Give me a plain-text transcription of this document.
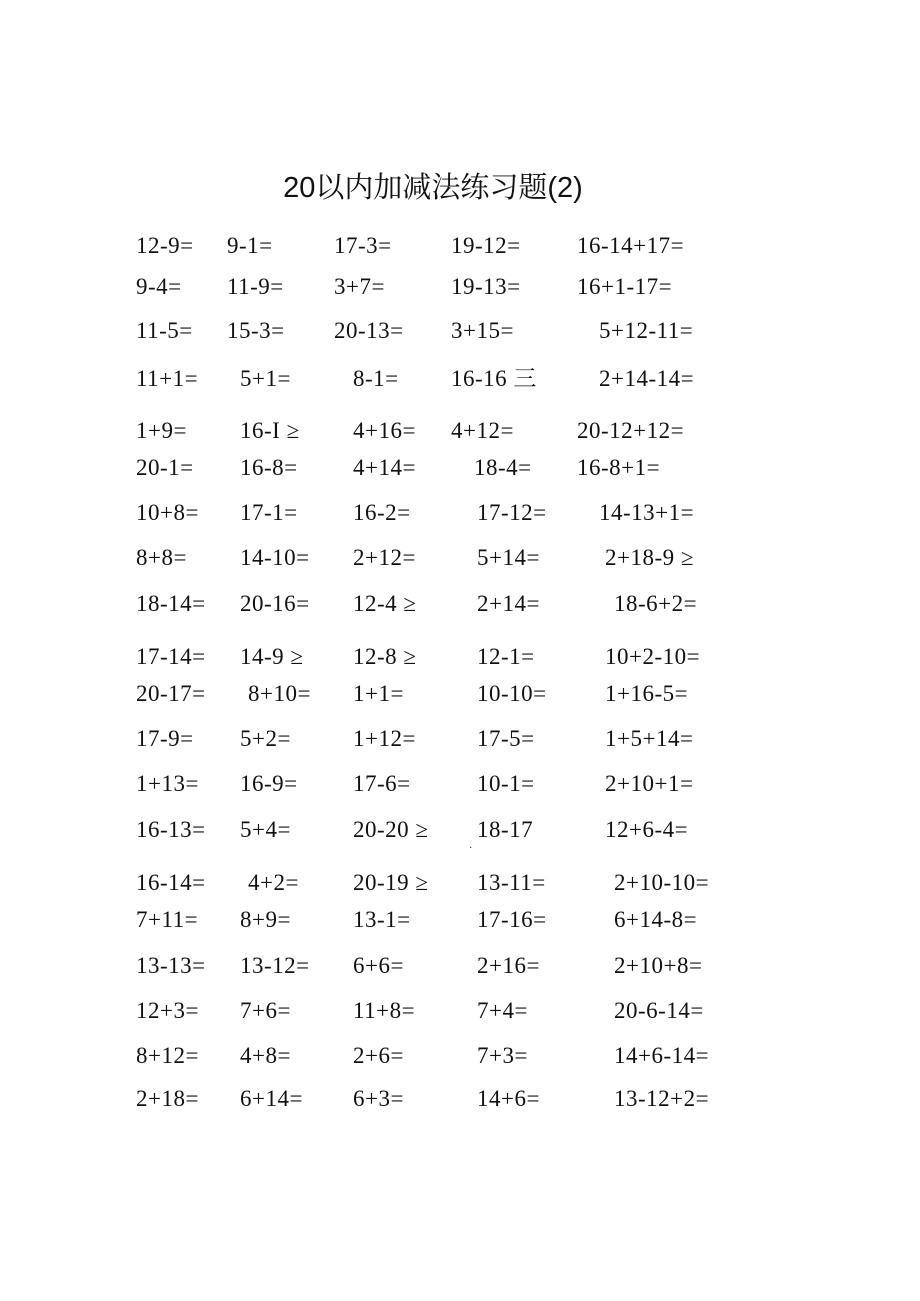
20以内加减法练习题(2)
12-9= 9-1=	17-3=	19-12= 16-14+17=
9-4= 11-9= 3+7=	19-13= 16+1-17=
11-5= 15-3= 20-13= 3+15=	5+12-11=
11+1= 5+1=	8-1= 16-16 三	2+14-14=
1+9= 16-I ≥ 4+16= 4+12=	20-12+12=
20-1= 16-8= 4+14=	18-4= 16-8+1=
10+8= 17-1= 16-2=	17-12= 14-13+1=
8+8= 14-10= 2+12=	5+14=	2+18-9 ≥
18-14= 20-16= 12-4 ≥	2+14=	18-6+2=
17-14= 14-9 ≥ 12-8 ≥	12-1=	10+2-10=
20-17= 8+10= 1+1=	10-10=	1+16-5=
17-9= 5+2=	1+12=	17-5=	1+5+14=
1+13= 16-9= 17-6=	10-1=	2+10+1=
16-13= 5+4=	20-20 ≥ 18-17	12+6-4=
16-14= 4+2= 20-19 ≥ 13-11=	2+10-10=
7+11= 8+9=	13-1=	17-16=	6+14-8=
13-13= 13-12= 6+6=	2+16=	2+10+8=
12+3= 7+6=	11+8=	7+4=	20-6-14=
8+12= 4+8=	2+6=	7+3=	14+6-14=
2+18= 6+14= 6+3=	14+6=	13-12+2=
·
